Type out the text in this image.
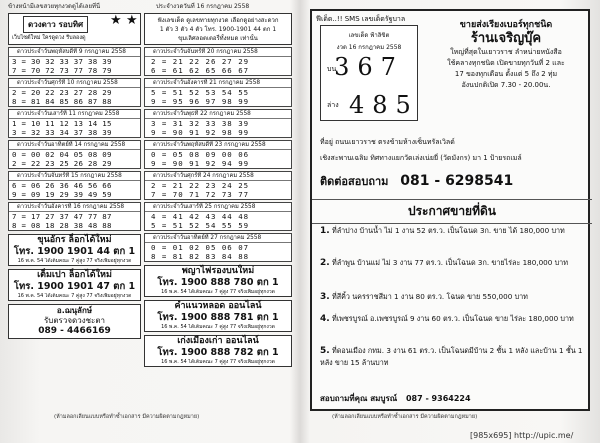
ข้างหน้ามีเลขสวยทุกงวดดูได้เลยที่นี่	ประจำงวดวันที่ 16 กรกฎาคม 2558
ดวงดาว รอบทิศ	★ ★
เว็บไซต์ใหม่ ใครดูดวง รีบลองดู
ดาวประจำวันพฤหัสบดีที่ 9 กรกฎาคม 2558
3 = 30 32 33 37 38 39
7 = 70 72 73 77 78 79
ดาวประจำวันศุกร์ที่ 10 กรกฎาคม 2558
2 = 20 22 23 27 28 29
8 = 81 84 85 86 87 88
ดาวประจำวันเสาร์ที่ 11 กรกฎาคม 2558
1 = 10 11 12 13 14 15
3 = 32 33 34 37 38 39
ดาวประจำวันอาทิตย์ที่ 14 กรกฎาคม 2558
0 = 00 02 04 05 08 09
2 = 22 23 25 26 28 29
ดาวประจำวันจันทร์ที่ 15 กรกฎาคม 2558
6 = 06 26 36 46 56 66
9 = 09 19 29 39 49 59
ดาวประจำวันอังคารที่ 16 กรกฎาคม 2558
7 = 17 27 37 47 77 87
8 = 08 18 28 38 48 88
ขุนอักร ล็อกได้ใหม่
โทร. 1900 1901 44 ตก 1
16 พ.ค. 54 ได้เต็มคณะ 7 คู่สูง 77 จริงเพิ่มอยู่ทุกงวด
เต็มเปา ล็อกได้ใหม่
โทร. 1900 1901 47 ตก 1
16 พ.ค. 54 ได้เต็มคณะ 7 คู่สูง 77 จริงเพิ่มอยู่ทุกงวด
อ.ฌนุลักษ์
รับตรวจดวงชะตา
089 - 4466169
ฟังเลขเด็ด ดูเลขทายทุกงวด เลือกดูอย่างสะดวก
1 ตัว 3 ตัว 4 ตัว โทร. 1900-1901 44 ตก 1
ขุมเลิศลอตเตอรี่ทั้งหมด เท่านั้น
ดาวประจำวันจันทร์ที่ 20 กรกฎาคม 2558
2 = 21 22 26 27 29
6 = 61 62 65 66 67
ดาวประจำวันอังคารที่ 21 กรกฎาคม 2558
5 = 51 52 53 54 55
9 = 95 96 97 98 99
ดาวประจำวันพุธที่ 22 กรกฎาคม 2558
3 = 31 32 33 38 39
9 = 90 91 92 98 99
ดาวประจำวันพฤหัสบดีที่ 23 กรกฎาคม 2558
0 = 05 08 09 00 06
9 = 90 91 92 94 99
ดาวประจำวันศุกร์ที่ 24 กรกฎาคม 2558
2 = 21 22 23 24 25
7 = 70 71 72 73 77
ดาวประจำวันเสาร์ที่ 25 กรกฎาคม 2558
4 = 41 42 43 44 48
5 = 51 52 54 55 59
ดาวประจำวันอาทิตย์ที่ 27 กรกฎาคม 2558
0 = 01 02 05 06 07
8 = 81 82 83 84 88
พญาไฟรองบนใหม่
โทร. 1900 888 780 ตก 1
16 พ.ค. 54 ได้เต็มคณะ 7 คู่สูง 77 จริงเพิ่มอยู่ทุกงวด
คำแนวหลอด ออนไลน์
โทร. 1900 888 781 ตก 1
16 พ.ค. 54 ได้เต็มคณะ 7 คู่สูง 77 จริงเพิ่มอยู่ทุกงวด
เก่งเมืองเก่า ออนไลน์
โทร. 1900 888 782 ตก 1
16 พ.ค. 54 ได้เต็มคณะ 7 คู่สูง 77 จริงเพิ่มอยู่ทุกงวด
(ห้ามลอกเลียนแบบหรือทำซ้ำเอกสาร มีความผิดตามกฎหมาย)
ฟีเด็ด..!! SMS เลขเด็ดรัฐบาล
เลขเด็ด ฟ้าลิขิต
งวด 16 กรกฎาคม 2558
367
บน
ล่าง 485
ขายส่งเรียงเบอร์ทุกชนิด
ร้านเจริญบุ๊ค
ใหญ่ที่สุดในเยาวราช ลำหน่ายหนังสือ
ใช้คลางทุกชนิด เปิดขายทุกวันที่ 2 และ
17 ของทุกเดือน ตั้งแต่ 5 ถึง 2 ทุ่ม
อังนปกติเปิด 7.30 - 20.00น.
ที่อยู่ ถนนเยาวราช ตรงข้ามห้างเซ็นทรัลเวิลด์
เชิงสะพานเฉลิม ทิศทางแยกวัดเล่งเน่ยยี่ (วัดมังกร) มา 1 ป้ายรถเมล์
ติดต่อสอบถาม 081 - 6298541
ประกาศขายที่ดิน
1. ที่ลำปาง บ้านน้ำ ไม่ 1 งาน 52 ตร.ว. เป็นโฉนด 3ก. ขาย ได้ 180,000 บาท
2. ที่ลำพูน บ้านแม่ ไม่ 3 งาน 77 ตร.ว. เป็นโฉนด 3ก. ขายไร่ละ 180,000 บาท
3. ที่สีคิ้ว นครราชสีมา 1 งาน 80 ตร.ว. โฉนด ขาย 550,000 บาท
4. ที่เพชรบูรณ์ อ.เพชรบูรณ์ 9 งาน 60 ตร.ว. เป็นโฉนด ขาย ไร่ละ 180,000 บาท
5. ที่ดอนเมือง กทม. 3 งาน 61 ตร.ว. เป็นโฉนดมีบ้าน 2 ชั้น 1 หลัง และบ้าน 1 ชั้น 1 หลัง ขาย 15 ล้านบาท
สอบถามที่คุณ สมบูรณ์ 087 - 9364224
(ห้ามลอกเลียนแบบหรือทำซ้ำเอกสาร มีความผิดตามกฎหมาย)
[985x695] http://upic.me/
